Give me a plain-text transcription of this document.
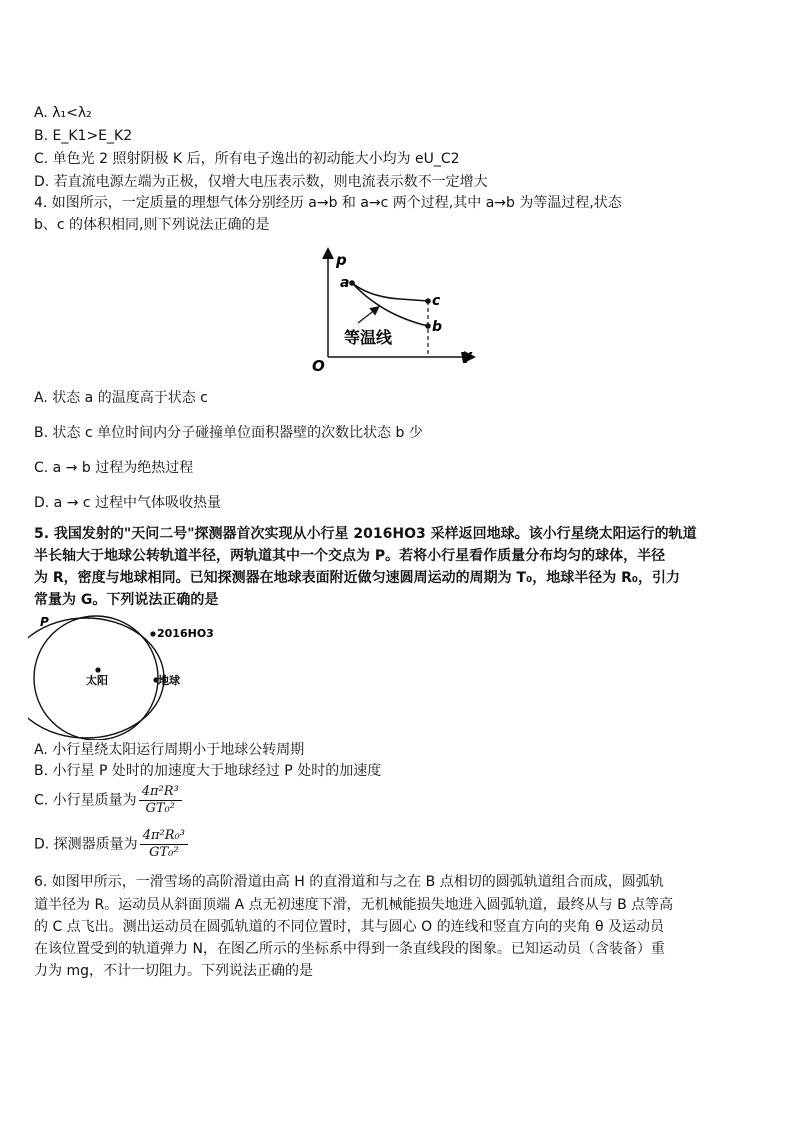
A. λ₁<λ₂
B. E_K1>E_K2
C. 单色光 2 照射阴极 K 后，所有电子逸出的初动能大小均为 eU_C2
D. 若直流电源左端为正极，仅增大电压表示数，则电流表示数不一定增大
4. 如图所示，一定质量的理想气体分别经历 a→b 和 a→c 两个过程,其中 a→b 为等温过程,状态
b、c 的体积相同,则下列说法正确的是
p
V
O
a
c
b
等温线
A. 状态 a 的温度高于状态 c
B. 状态 c 单位时间内分子碰撞单位面积器壁的次数比状态 b 少
C. a → b 过程为绝热过程
D. a → c 过程中气体吸收热量
5. 我国发射的"天问二号"探测器首次实现从小行星 2016HO3 采样返回地球。该小行星绕太阳运行的轨道
半长轴大于地球公转轨道半径，两轨道其中一个交点为 P。若将小行星看作质量分布均匀的球体，半径
为 R，密度与地球相同。已知探测器在地球表面附近做匀速圆周运动的周期为 T₀，地球半径为 R₀，引力
常量为 G。下列说法正确的是
太阳	地球
2016HO3
P
A. 小行星绕太阳运行周期小于地球公转周期
B. 小行星 P 处时的加速度大于地球经过 P 处时的加速度
C. 小行星质量为 $\frac{\text{4π²R³}}{\text{GT₀²}}$
D. 探测器质量为 $\frac{\text{4π²R₀³}}{\text{GT₀²}}$
6. 如图甲所示，一滑雪场的高阶滑道由高 H 的直滑道和与之在 B 点相切的圆弧轨道组合而成，圆弧轨
道半径为 R。运动员从斜面顶端 A 点无初速度下滑，无机械能损失地进入圆弧轨道，最终从与 B 点等高
的 C 点飞出。测出运动员在圆弧轨道的不同位置时，其与圆心 O 的连线和竖直方向的夹角 θ 及运动员
在该位置受到的轨道弹力 N，在图乙所示的坐标系中得到一条直线段的图象。已知运动员（含装备）重
力为 mg，不计一切阻力。下列说法正确的是
